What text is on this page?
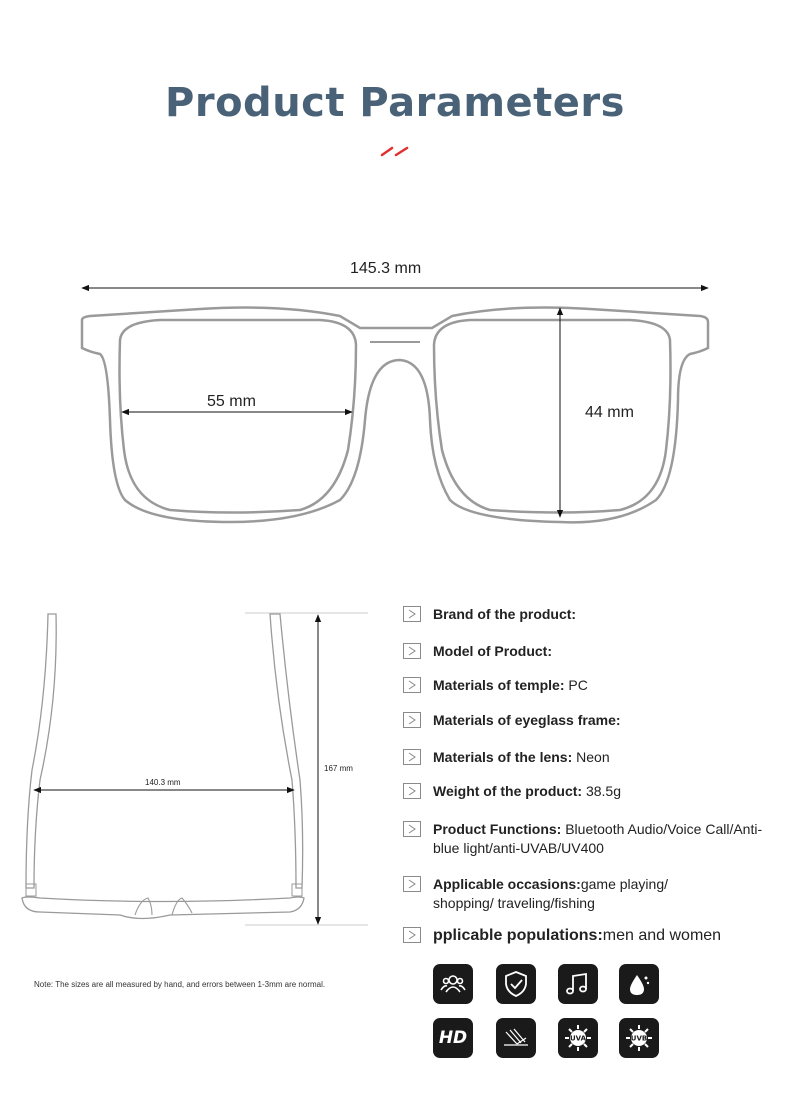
Product Parameters
145.3 mm
55 mm
44 mm
140.3 mm
167 mm
Note: The sizes are all measured by hand, and errors between 1-3mm are normal.
Brand of the product:
Model of Product:
Materials of temple: PC
Materials of eyeglass frame:
Materials of the lens: Neon
Weight of the product: 38.5g
Product Functions: Bluetooth Audio/Voice Call/Anti-blue light/anti-UVAB/UV400
Applicable occasions:game playing/ shopping/ traveling/fishing
pplicable populations:men and women
HD	UVA	UVB
